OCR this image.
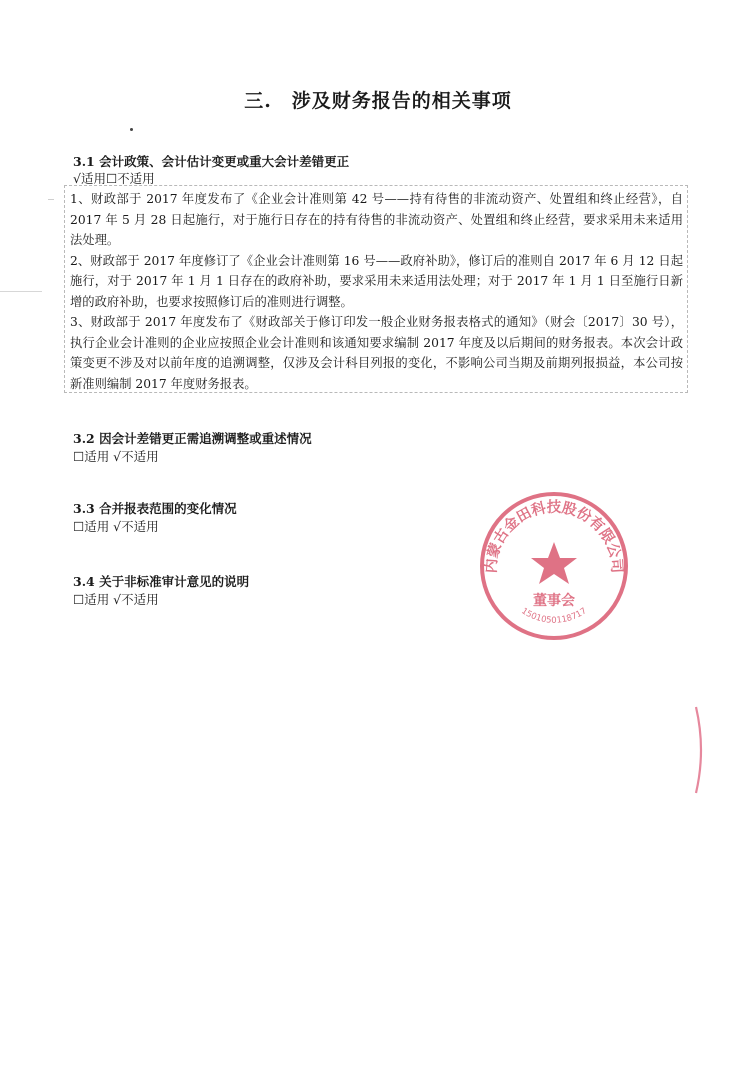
三.　涉及财务报告的相关事项
3.1 会计政策、会计估计变更或重大会计差错更正
√适用☐不适用

1、财政部于 2017 年度发布了《企业会计准则第 42 号——持有待售的非流动资产、处置组和终止经营》，自 2017 年 5 月 28 日起施行，对于施行日存在的持有待售的非流动资产、处置组和终止经营，要求采用未来适用法处理。

2、财政部于 2017 年度修订了《企业会计准则第 16 号——政府补助》，修订后的准则自 2017 年 6 月 12 日起施行，对于 2017 年 1 月 1 日存在的政府补助，要求采用未来适用法处理；对于 2017 年 1 月 1 日至施行日新增的政府补助，也要求按照修订后的准则进行调整。

3、财政部于 2017 年度发布了《财政部关于修订印发一般企业财务报表格式的通知》（财会〔2017〕30 号），执行企业会计准则的企业应按照企业会计准则和该通知要求编制 2017 年度及以后期间的财务报表。本次会计政策变更不涉及对以前年度的追溯调整，仅涉及会计科目列报的变化，不影响公司当期及前期列报损益，本公司按新准则编制 2017 年度财务报表。

3.2 因会计差错更正需追溯调整或重述情况
☐适用 √不适用
3.3 合并报表范围的变化情况
☐适用 √不适用
3.4 关于非标准审计意见的说明
☐适用 √不适用
内蒙古金田科技股份有限公司
董事会
1501050118717
